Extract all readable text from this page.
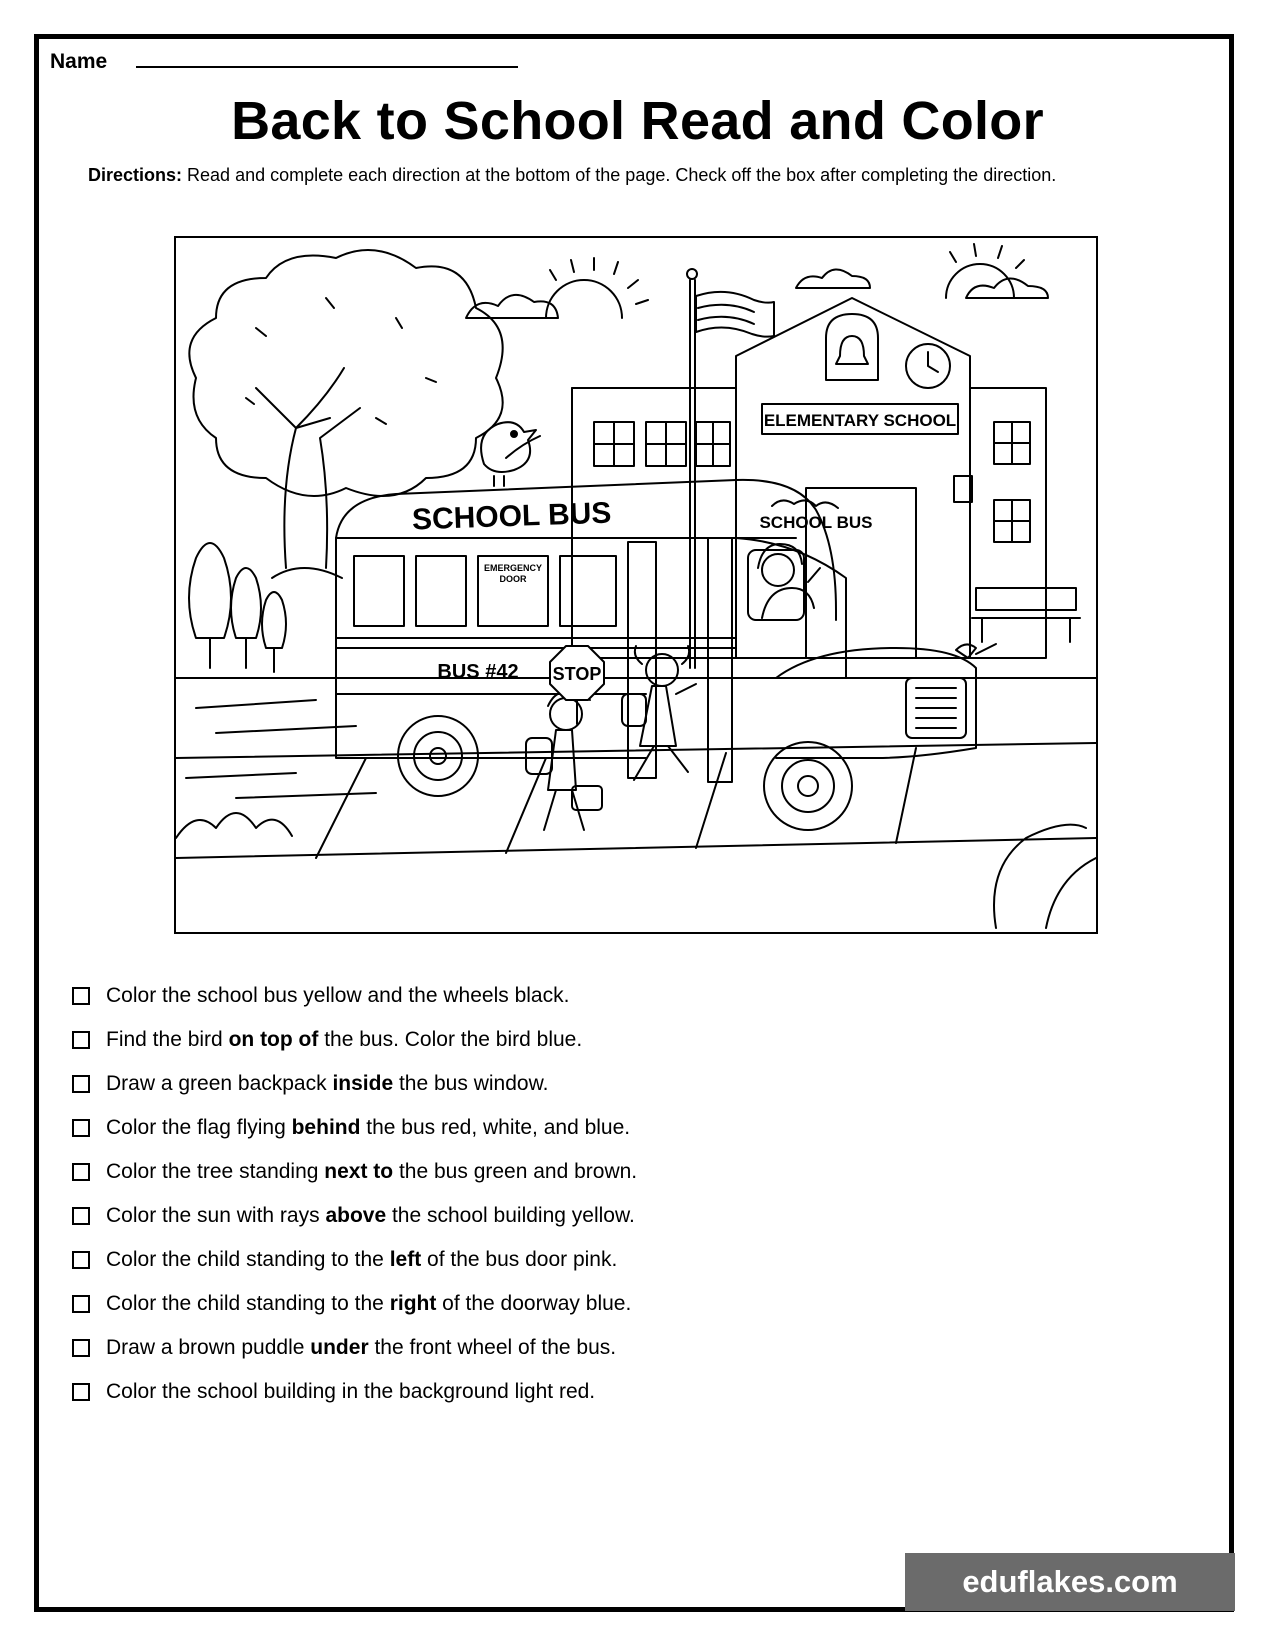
Name
Back to School Read and Color
Directions: Read and complete each direction at the bottom of the page. Check off the box after completing the direction.
SCHOOL BUS	SCHOOL BUS
EMERGENCY
DOOR
BUS #42 STOP
ELEMENTARY SCHOOL
Color the school bus yellow and the wheels black.
Find the bird on top of the bus. Color the bird blue.
Draw a green backpack inside the bus window.
Color the flag flying behind the bus red, white, and blue.
Color the tree standing next to the bus green and brown.
Color the sun with rays above the school building yellow.
Color the child standing to the left of the bus door pink.
Color the child standing to the right of the doorway blue.
Draw a brown puddle under the front wheel of the bus.
Color the school building in the background light red.
eduflakes.com
